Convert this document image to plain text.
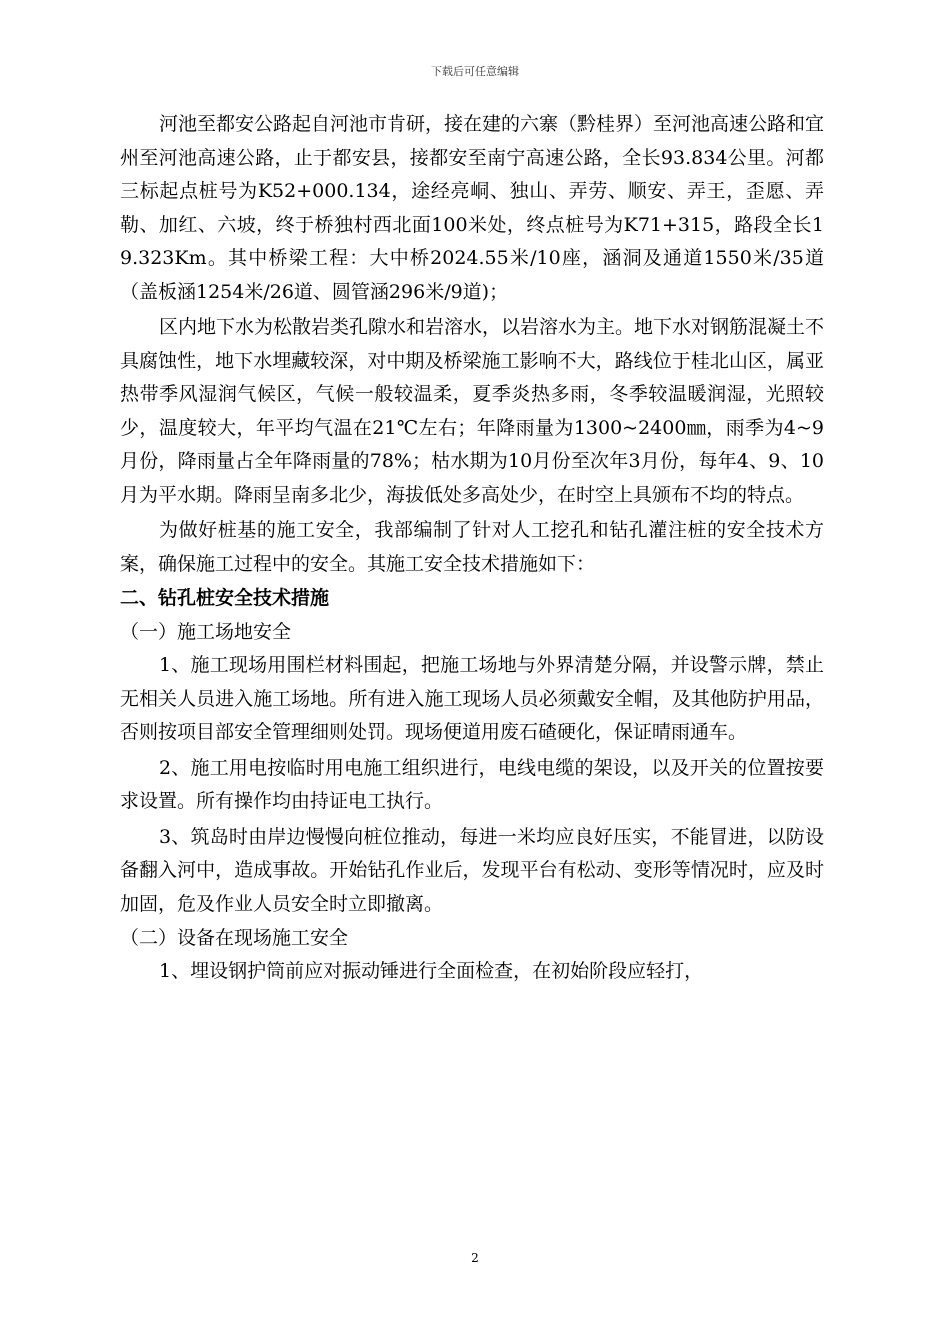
下载后可任意编辑

河池至都安公路起自河池市肯研，接在建的六寨（黔桂界）至河池高速公路和宜州至河池高速公路，止于都安县，接都安至南宁高速公路，全长93.834公里。河都三标起点桩号为K52+000.134，途经亮峒、独山、弄劳、顺安、弄王，歪愿、弄勒、加红、六坡，终于桥独村西北面100米处，终点桩号为K71+315，路段全长19.323Km。其中桥梁工程：大中桥2024.55米/10座，涵洞及通道1550米/35道（盖板涵1254米/26道、圆管涵296米/9道)；

区内地下水为松散岩类孔隙水和岩溶水，以岩溶水为主。地下水对钢筋混凝土不具腐蚀性，地下水埋藏较深，对中期及桥梁施工影响不大，路线位于桂北山区，属亚热带季风湿润气候区，气候一般较温柔，夏季炎热多雨，冬季较温暖润湿，光照较少，温度较大，年平均气温在21℃左右；年降雨量为1300~2400㎜，雨季为4~9月份，降雨量占全年降雨量的78%；枯水期为10月份至次年3月份，每年4、9、10月为平水期。降雨呈南多北少，海拔低处多高处少，在时空上具颁布不均的特点。

为做好桩基的施工安全，我部编制了针对人工挖孔和钻孔灌注桩的安全技术方案，确保施工过程中的安全。其施工安全技术措施如下：

二、钻孔桩安全技术措施

（一）施工场地安全

1、施工现场用围栏材料围起，把施工场地与外界清楚分隔，并设警示牌，禁止无相关人员进入施工场地。所有进入施工现场人员必须戴安全帽，及其他防护用品，否则按项目部安全管理细则处罚。现场便道用废石碴硬化，保证晴雨通车。

2、施工用电按临时用电施工组织进行，电线电缆的架设，以及开关的位置按要求设置。所有操作均由持证电工执行。

3、筑岛时由岸边慢慢向桩位推动，每进一米均应良好压实，不能冒进，以防设备翻入河中，造成事故。开始钻孔作业后，发现平台有松动、变形等情况时，应及时加固，危及作业人员安全时立即撤离。

（二）设备在现场施工安全

1、埋设钢护筒前应对振动锤进行全面检查，在初始阶段应轻打，

2
